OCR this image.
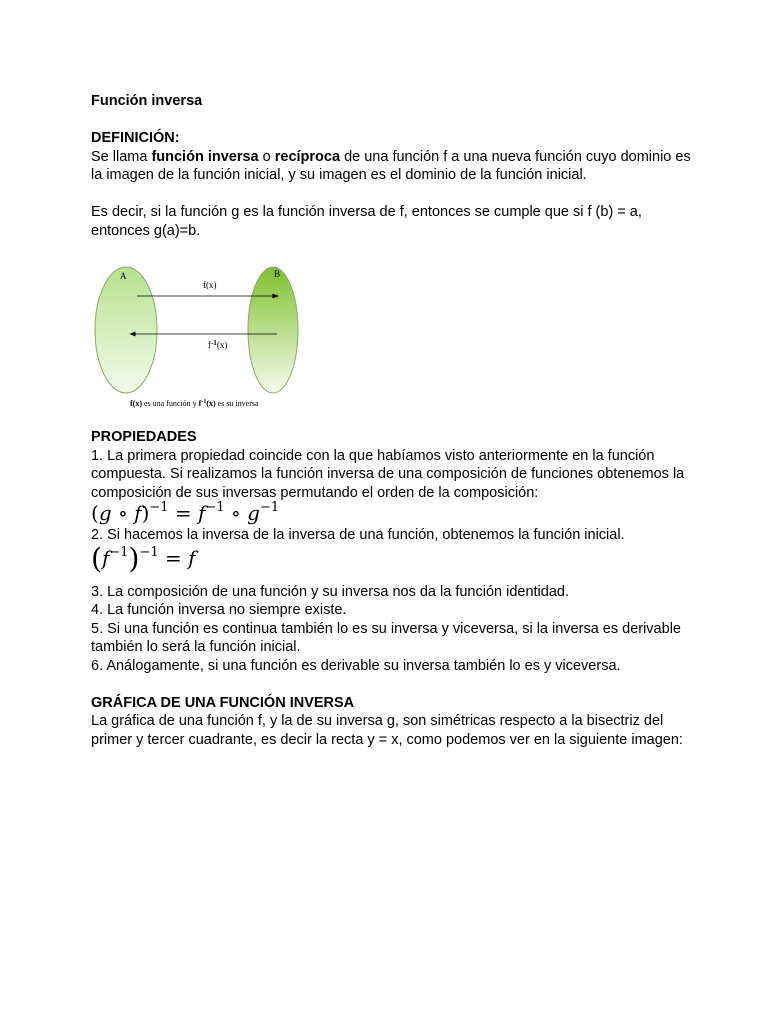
Función inversa

DEFINICIÓN:

Se llama función inversa o recíproca de una función f a una nueva función cuyo dominio es la imagen de la función inicial, y su imagen es el dominio de la función inicial.

Es decir, si la función g es la función inversa de f, entonces se cumple que si f (b) = a, entonces g(a)=b.

A	B
f(x)
$f^{-1}(x)$
f(x) es una función y $f^{-1}(x)$ es su inversa

PROPIEDADES

1. La primera propiedad coincide con la que habíamos visto anteriormente en la función compuesta. Si realizamos la función inversa de una composición de funciones obtenemos la composición de sus inversas permutando el orden de la composición:

(g ∘ $f)^{-1} = f^{-1}$ ∘ $g^{-1}$

2. Si hacemos la inversa de la inversa de una función, obtenemos la función inicial.

$(f^{-1})^{-1} = f$

3. La composición de una función y su inversa nos da la función identidad.

4. La función inversa no siempre existe.

5. Si una función es continua también lo es su inversa y viceversa, si la inversa es derivable también lo será la función inicial.

6. Análogamente, si una función es derivable su inversa también lo es y viceversa.

GRÁFICA DE UNA FUNCIÓN INVERSA

La gráfica de una función f, y la de su inversa g, son simétricas respecto a la bisectriz del primer y tercer cuadrante, es decir la recta y = x, como podemos ver en la siguiente imagen:
